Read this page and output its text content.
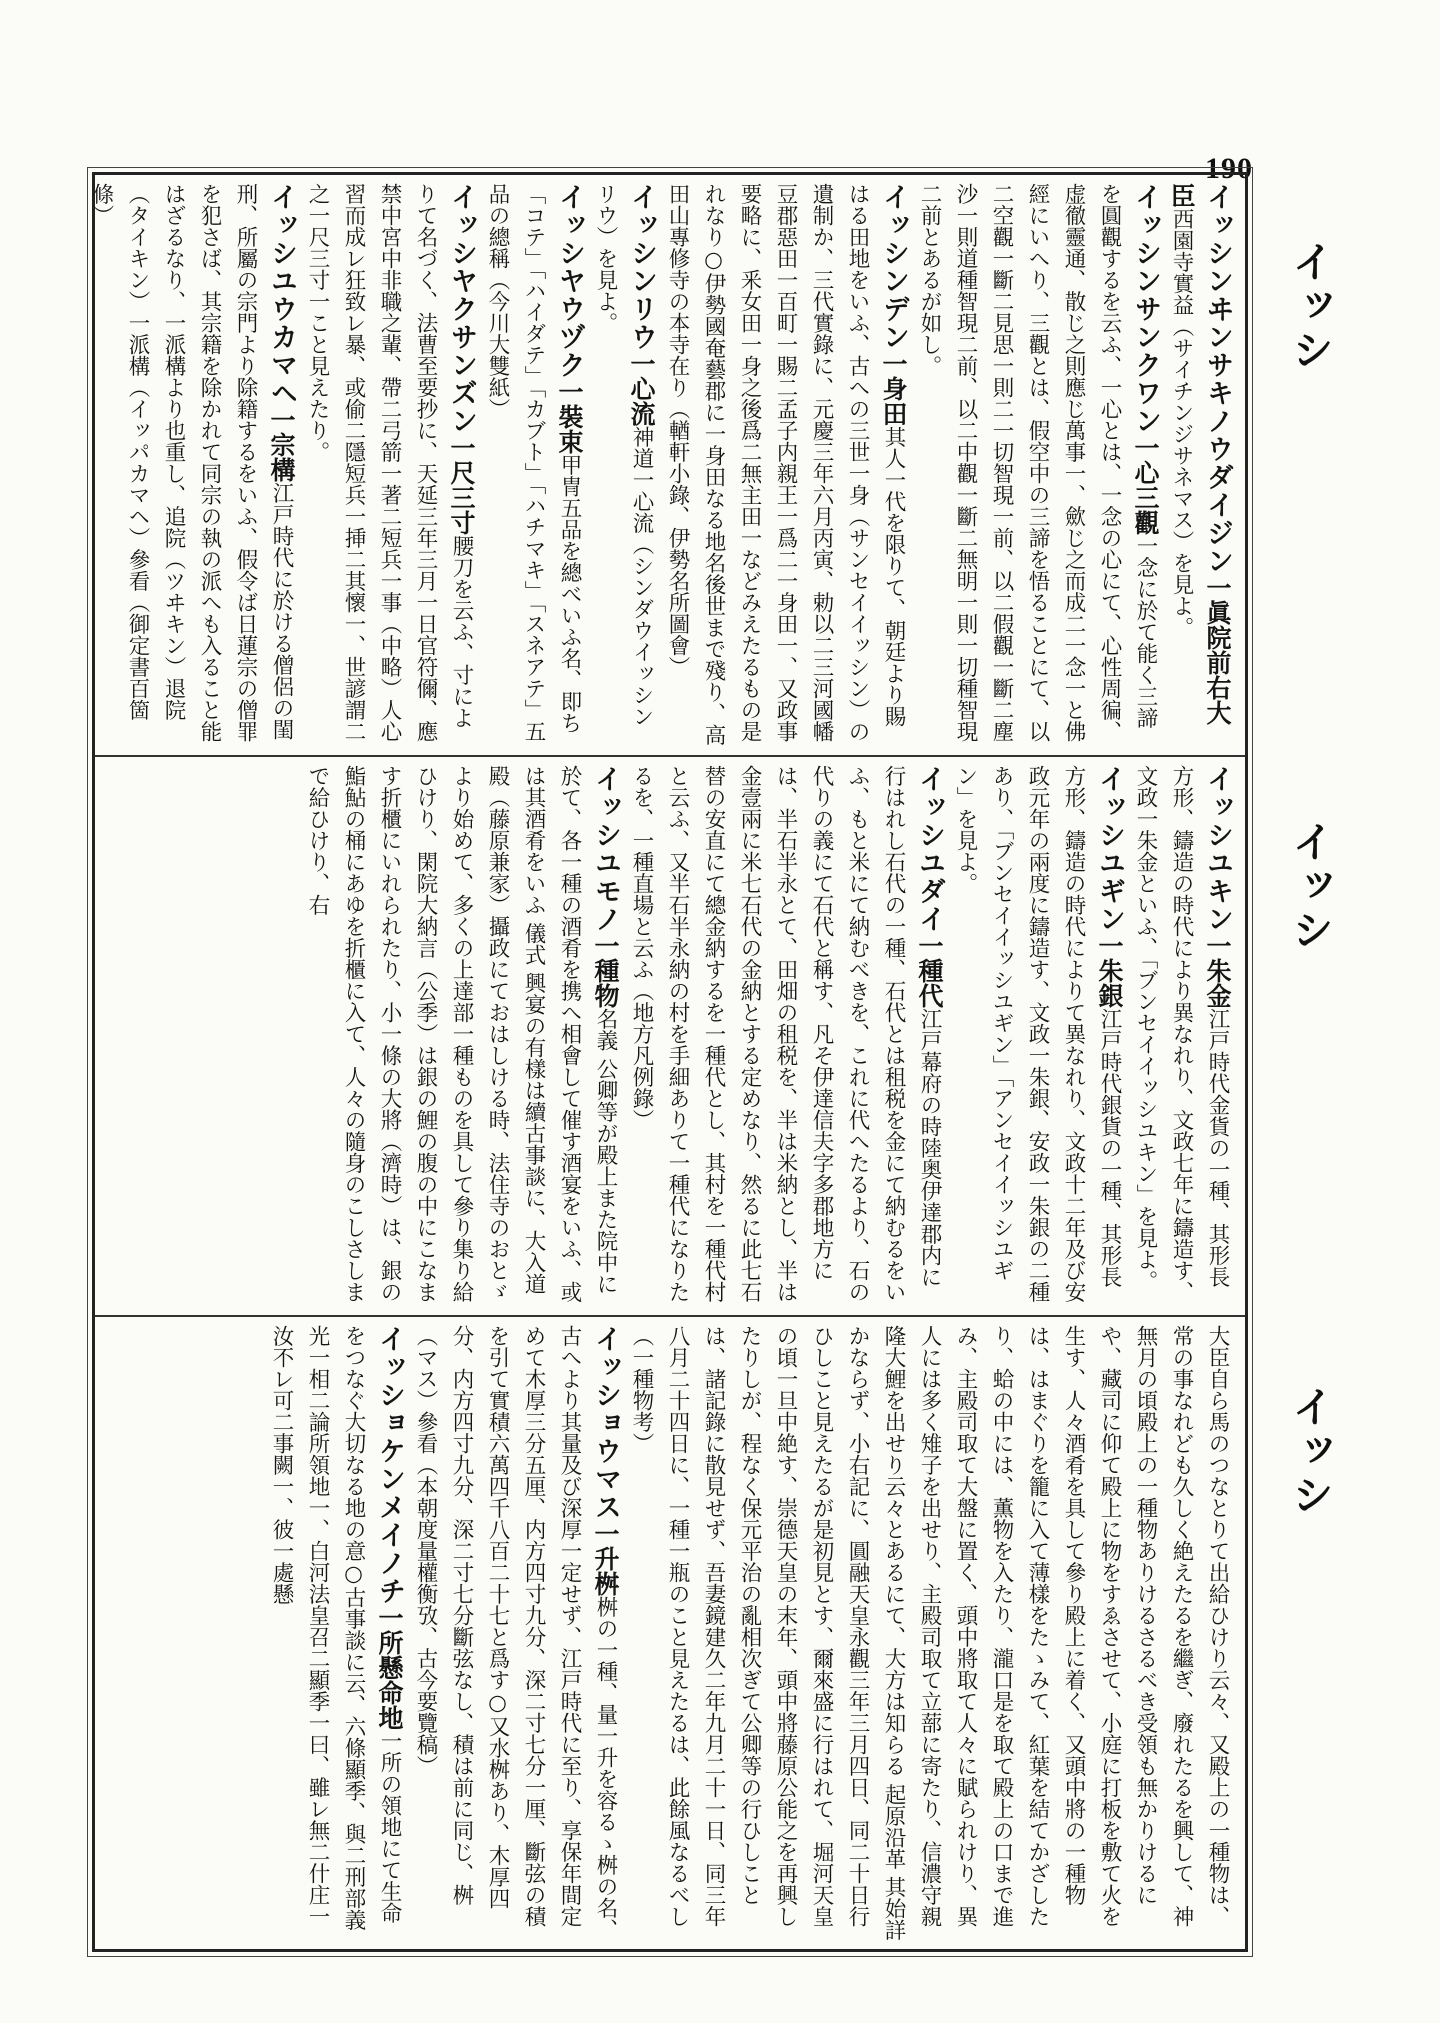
190
イッシ
イッシ
イッシ

イッシンヰンサキノウダイジン一眞院前右大臣西園寺實益（サイチンジサネマス）を見よ。

イッシンサンクワン一心三觀一念に於て能く三諦を圓觀するを云ふ、一心とは、一念の心にて、心性周徧、虚徹靈通、散じ之則應じ萬事一、歛じ之而成二一念一と佛經にいへり、三觀とは、假空中の三諦を悟ることにて、以二空觀一斷二見思一則二一切智現一前、以二假觀一斷二塵沙一則道種智現二前、以二中觀一斷二無明一則一切種智現二前とあるが如し。

イッシンデン一身田其人一代を限りて、朝廷より賜はる田地をいふ、古への三世一身（サンセイイッシン）の遺制か、三代實錄に、元慶三年六月丙寅、勅以二三河國幡豆郡惡田一百町一賜二孟子内親王一爲二一身田一、又政事要略に、釆女田一身之後爲二無主田一などみえたるもの是れなり○伊勢國奄藝郡に一身田なる地名後世まで殘り、高田山專修寺の本寺在り（輶軒小錄、伊勢名所圖會）

イッシンリウ一心流神道一心流（シンダウイッシンリウ）を見よ。

イッシヤウヅク一裝束甲冑五品を總べいふ名、即ち「コテ」「ハイダテ」「カブト」「ハチマキ」「スネアテ」五品の總稱（今川大雙紙）

イッシヤクサンズン一尺三寸腰刀を云ふ、寸によりて名づく、法曹至要抄に、天延三年三月一日官符儞、應禁中宮中非職之輩、帶二弓箭一著二短兵一事（中略）人心習而成レ狂致レ暴、或偷二隱短兵一挿二其懷一、世諺謂二之一尺三寸一こと見えたり。

イッシユウカマヘ一宗構江戸時代に於ける僧侶の閨刑、所屬の宗門より除籍するをいふ、假令ば日蓮宗の僧罪を犯さば、其宗籍を除かれて同宗の執の派へも入ること能はざるなり、一派構より也重し、追院（ツヰキン）退院（タイキン）一派構（イッパカマヘ）參看（御定書百箇條）

イッシユキン一朱金江戸時代金貨の一種、其形長方形、鑄造の時代により異なれり、文政七年に鑄造す、文政一朱金といふ、「ブンセイイッシユキン」を見よ。

イッシユギン一朱銀江戸時代銀貨の一種、其形長方形、鑄造の時代によりて異なれり、文政十二年及び安政元年の兩度に鑄造す、文政一朱銀、安政一朱銀の二種あり、「ブンセイイッシユギン」「アンセイイッシユギン」を見よ。

イッシユダイ一種代江戸幕府の時陸奥伊達郡内に行はれし石代の一種、石代とは租税を金にて納むるをいふ、もと米にて納むべきを、これに代へたるより、石の代りの義にて石代と稱す、凡そ伊達信夫字多郡地方には、半石半永とて、田畑の租税を、半は米納とし、半は金壹兩に米七石代の金納とする定めなり、然るに此七石替の安直にて總金納するを一種代とし、其村を一種代村と云ふ、又半石半永納の村を手細ありて一種代になりたるを、一種直場と云ふ（地方凡例錄）

イッシユモノ一種物名義 公卿等が殿上また院中に於て、各一種の酒肴を携へ相會して催す酒宴をいふ、或は其酒肴をいふ 儀式 興宴の有樣は續古事談に、大入道殿（藤原兼家）攝政にておはしける時、法住寺のおとゞより始めて、多くの上達部一種ものを具して參り集り給ひけり、閑院大納言（公季）は銀の鯉の腹の中にこなます折櫃にいれられたり、小一條の大將（濟時）は、銀の鮨鮎の桶にあゆを折櫃に入て、人々の隨身のこしさしまで給ひけり、右

大臣自ら馬のつなとりて出給ひけり云々、又殿上の一種物は、常の事なれども久しく絶えたるを繼ぎ、廢れたるを興して、神無月の頃殿上の一種物ありけるさるべき受領も無かりけるにや、藏司に仰て殿上に物をすゑさせて、小庭に打板を敷て火を生す、人々酒肴を具して參り殿上に着く、又頭中將の一種物は、はまぐりを籠に入て薄樣をたゝみて、紅葉を結てかざしたり、蛤の中には、薫物を入たり、瀧口是を取て殿上の口まで進み、主殿司取て大盤に置く、頭中將取て人々に賦られけり、異人には多く雉子を出せり、主殿司取て立蔀に寄たり、信濃守親隆大鯉を出せり云々とあるにて、大方は知らる 起原沿革 其始詳かならず、小右記に、圓融天皇永觀三年三月四日、同二十日行ひしこと見えたるが是初見とす、爾來盛に行はれて、堀河天皇の頃一旦中絶す、崇德天皇の末年、頭中將藤原公能之を再興したりしが、程なく保元平治の亂相次ぎて公卿等の行ひしことは、諸記錄に散見せず、吾妻鏡建久二年九月二十一日、同三年八月二十四日に、一種一瓶のこと見えたるは、此餘風なるべし（一種物考）

イッショウマス一升桝桝の一種、量一升を容るゝ桝の名、古へより其量及び深厚一定せず、江戸時代に至り、享保年間定めて木厚三分五厘、内方四寸九分、深二寸七分一厘、斷弦の積を引て實積六萬四千八百二十七と爲す○又水桝あり、木厚四分、内方四寸九分、深二寸七分斷弦なし、積は前に同じ、桝（マス）參看（本朝度量權衡攷、古今要覽稿）

イッショケンメイノチ一所懸命地一所の領地にて生命をつなぐ大切なる地の意○古事談に云、六條顯季、與二刑部義光一相二論所領地一、白河法皇召二顯季一曰、雖レ無二什庄一汝不レ可二事闕一、彼一處懸
